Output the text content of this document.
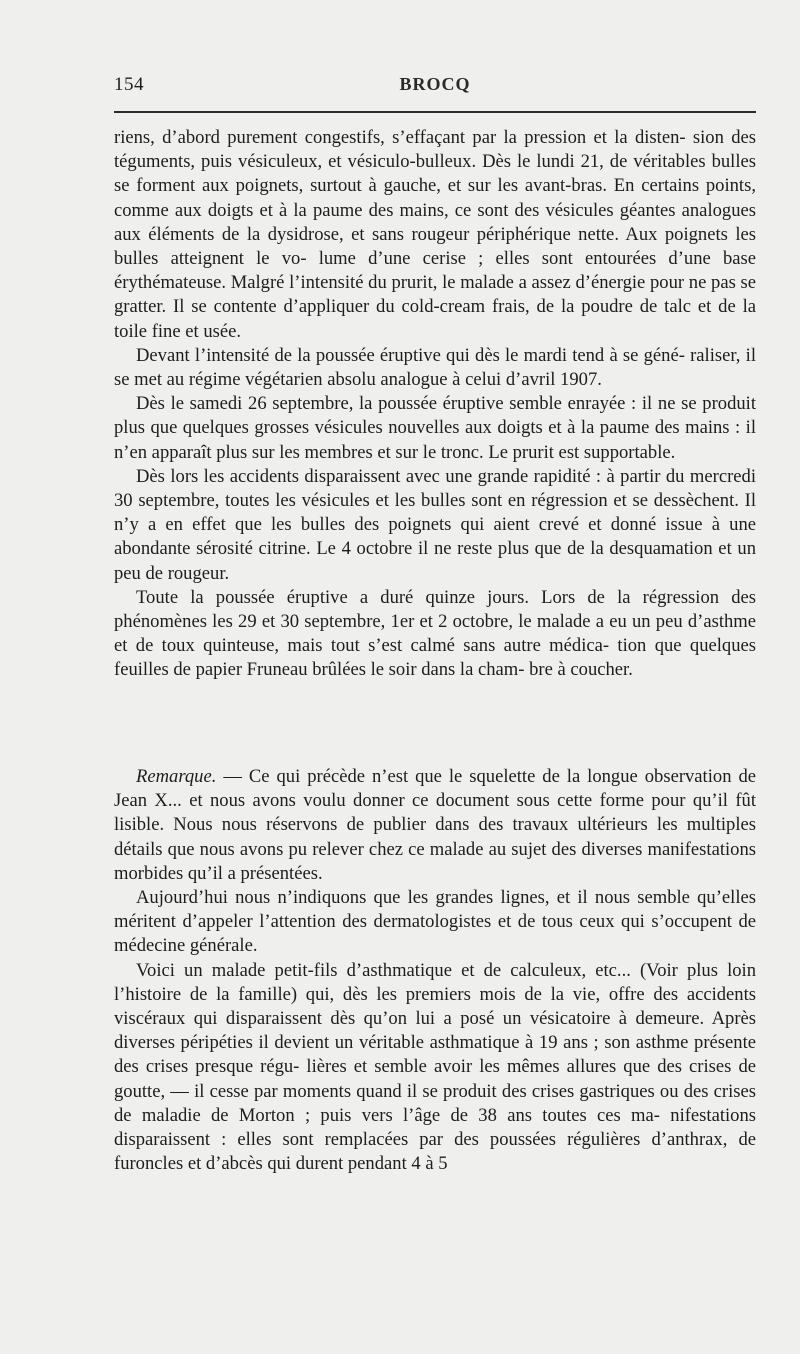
154	BROCQ

riens, d’abord purement congestifs, s’effaçant par la pression et la disten- sion des téguments, puis vésiculeux, et vésiculo-bulleux. Dès le lundi 21, de véritables bulles se forment aux poignets, surtout à gauche, et sur les avant-bras. En certains points, comme aux doigts et à la paume des mains, ce sont des vésicules géantes analogues aux éléments de la dysidrose, et sans rougeur périphérique nette. Aux poignets les bulles atteignent le vo- lume d’une cerise ; elles sont entourées d’une base érythémateuse. Malgré l’intensité du prurit, le malade a assez d’énergie pour ne pas se gratter. Il se contente d’appliquer du cold-cream frais, de la poudre de talc et de la toile fine et usée.

Devant l’intensité de la poussée éruptive qui dès le mardi tend à se géné- raliser, il se met au régime végétarien absolu analogue à celui d’avril 1907.

Dès le samedi 26 septembre, la poussée éruptive semble enrayée : il ne se produit plus que quelques grosses vésicules nouvelles aux doigts et à la paume des mains : il n’en apparaît plus sur les membres et sur le tronc. Le prurit est supportable.

Dès lors les accidents disparaissent avec une grande rapidité : à partir du mercredi 30 septembre, toutes les vésicules et les bulles sont en régression et se dessèchent. Il n’y a en effet que les bulles des poignets qui aient crevé et donné issue à une abondante sérosité citrine. Le 4 octobre il ne reste plus que de la desquamation et un peu de rougeur.

Toute la poussée éruptive a duré quinze jours. Lors de la régression des phénomènes les 29 et 30 septembre, 1er et 2 octobre, le malade a eu un peu d’asthme et de toux quinteuse, mais tout s’est calmé sans autre médica- tion que quelques feuilles de papier Fruneau brûlées le soir dans la cham- bre à coucher.

Remarque. — Ce qui précède n’est que le squelette de la longue observation de Jean X... et nous avons voulu donner ce document sous cette forme pour qu’il fût lisible. Nous nous réservons de publier dans des travaux ultérieurs les multiples détails que nous avons pu relever chez ce malade au sujet des diverses manifestations morbides qu’il a présentées.

Aujourd’hui nous n’indiquons que les grandes lignes, et il nous semble qu’elles méritent d’appeler l’attention des dermatologistes et de tous ceux qui s’occupent de médecine générale.

Voici un malade petit-fils d’asthmatique et de calculeux, etc... (Voir plus loin l’histoire de la famille) qui, dès les premiers mois de la vie, offre des accidents viscéraux qui disparaissent dès qu’on lui a posé un vésicatoire à demeure. Après diverses péripéties il devient un véritable asthmatique à 19 ans ; son asthme présente des crises presque régu- lières et semble avoir les mêmes allures que des crises de goutte, — il cesse par moments quand il se produit des crises gastriques ou des crises de maladie de Morton ; puis vers l’âge de 38 ans toutes ces ma- nifestations disparaissent : elles sont remplacées par des poussées régulières d’anthrax, de furoncles et d’abcès qui durent pendant 4 à 5
